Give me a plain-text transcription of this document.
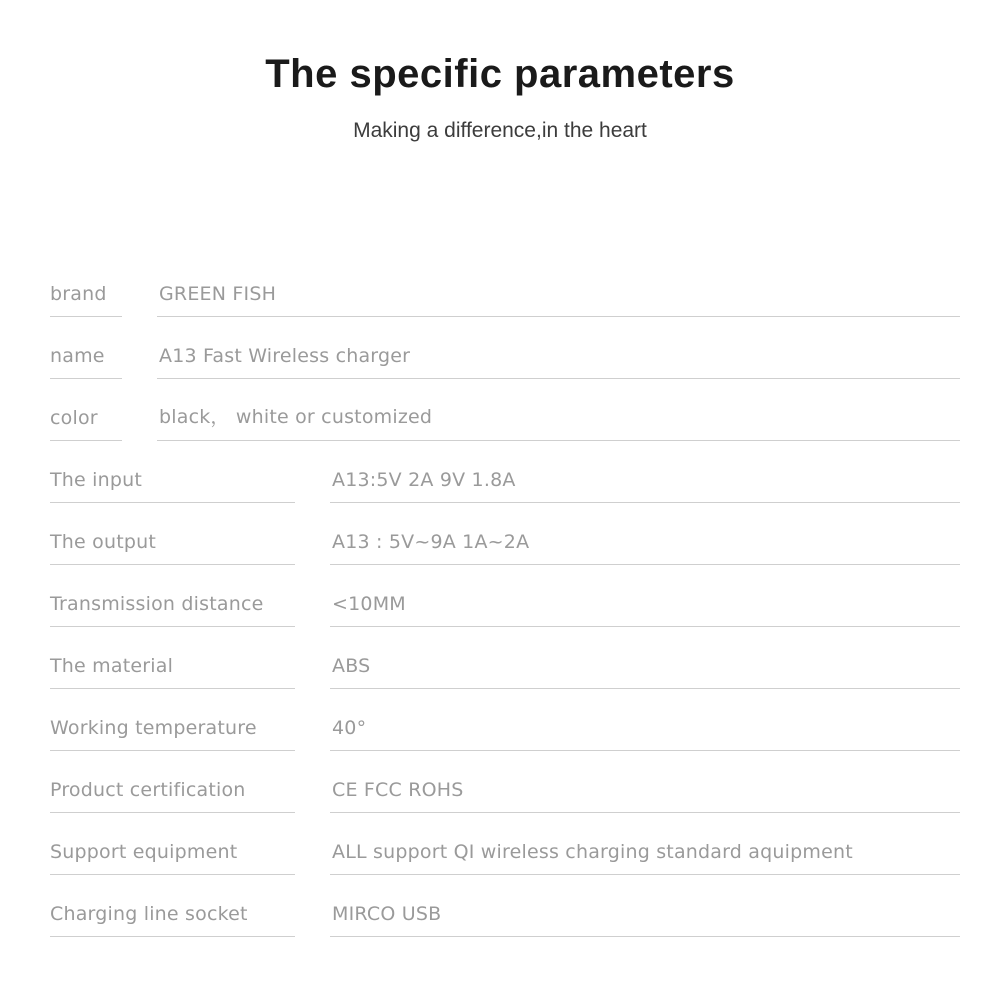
The specific parameters
Making a difference,in the heart
brand	GREEN FISH
name	A13 Fast Wireless charger
color	black， white or customized
The input	A13:5V 2A 9V 1.8A
The output	A13 : 5V~9A 1A~2A
Transmission distance	<10MM
The material	ABS
Working temperature	40°
Product certification	CE FCC ROHS
Support equipment	ALL support QI wireless charging standard aquipment
Charging line socket	MIRCO USB
